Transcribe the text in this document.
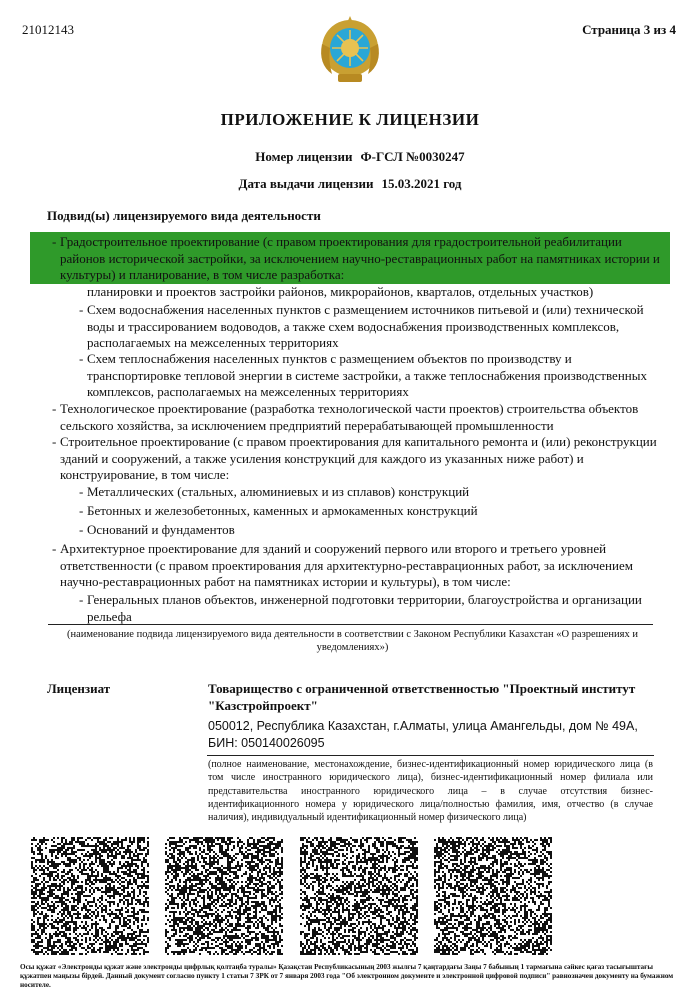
21012143	Страница 3 из 4
ПРИЛОЖЕНИЕ К ЛИЦЕНЗИИ
Номер лицензии Ф-ГСЛ №0030247
Дата выдачи лицензии 15.03.2021 год
Подвид(ы) лицензируемого вида деятельности
- Градостроительное проектирование (с правом проектирования для градостроительной реабилитации районов исторической застройки, за исключением научно-реставрационных работ на памятниках истории и культуры) и планирование, в том числе разработка:
планировки и проектов застройки районов, микрорайонов, кварталов, отдельных участков)
- Схем водоснабжения населенных пунктов с размещением источников питьевой и (или) технической воды и трассированием водоводов, а также схем водоснабжения производственных комплексов, располагаемых на межселенных территориях
- Схем теплоснабжения населенных пунктов с размещением объектов по производству и транспортировке тепловой энергии в системе застройки, а также теплоснабжения производственных комплексов, располагаемых на межселенных территориях
- Технологическое проектирование (разработка технологической части проектов) строительства объектов сельского хозяйства, за исключением предприятий перерабатывающей промышленности
- Строительное проектирование (с правом проектирования для капитального ремонта и (или) реконструкции зданий и сооружений, а также усиления конструкций для каждого из указанных ниже работ) и конструирование, в том числе:
- Металлических (стальных, алюминиевых и из сплавов) конструкций
- Бетонных и железобетонных, каменных и армокаменных конструкций
- Оснований и фундаментов
- Архитектурное проектирование для зданий и сооружений первого или второго и третьего уровней ответственности (с правом проектирования для архитектурно-реставрационных работ, за исключением научно-реставрационных работ на памятниках истории и культуры), в том числе:
- Генеральных планов объектов, инженерной подготовки территории, благоустройства и организации рельефа
(наименование подвида лицензируемого вида деятельности в соответствии с Законом Республики Казахстан «О разрешениях и уведомлениях»)
Лицензиат	Товарищество с ограниченной ответственностью "Проектный институт "Казстройпроект"
050012, Республика Казахстан, г.Алматы, улица Амангельды, дом № 49А,
БИН: 050140026095
(полное наименование, местонахождение, бизнес-идентификационный номер юридического лица (в том числе иностранного юридического лица), бизнес-идентификационный номер филиала или представительства иностранного юридического лица – в случае отсутствия бизнес-идентификационного номера у юридического лица/полностью фамилия, имя, отчество (в случае наличия), индивидуальный идентификационный номер физического лица)
Осы құжат «Электронды құжат және электронды цифрлық қолтаңба туралы» Қазақстан Республикасының 2003 жылғы 7 қаңтардағы Заңы 7 бабының 1 тармағына сәйкес қағаз тасығыштағы құжатпен маңызы бірдей. Данный документ согласно пункту 1 статьи 7 ЗРК от 7 января 2003 года "Об электронном документе и электронной цифровой подписи" равнозначен документу на бумажном носителе.
